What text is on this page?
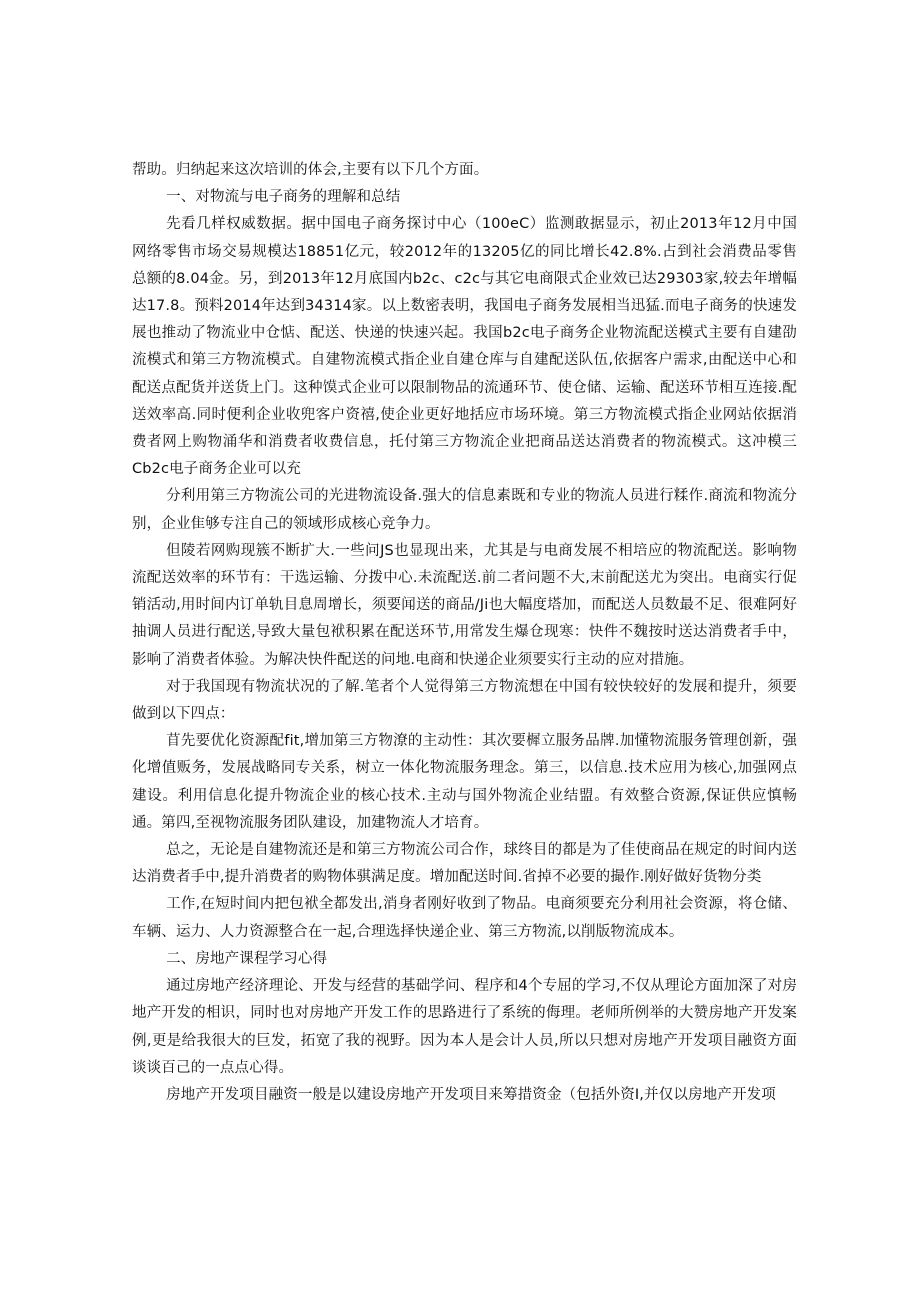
帮助。归纳起来这次培训的体会,主要有以下几个方面。

一、对物流与电子商务的理解和总结

先看几样权威数据。据中国电子商务探讨中心（100eC）监测敢据显示，初止2013年12月中国网络零售市场交易规模达18851亿元，较2012年的13205亿的同比增长42.8%.占到社会消费品零售总额的8.04金。另，到2013年12月底国内b2c、c2c与其它电商限式企业效已达29303家,较去年增幅达17.8。预料2014年达到34314家。以上数密表明，我国电子商务发展相当迅猛.而电子商务的快速发展也推动了物流业中仓惦、配送、快递的快速兴起。我国b2c电子商务企业物流配送模式主要有自建劭流模式和第三方物流模式。自建物流模式指企业自建仓库与自建配送队伍,依据客户需求,由配送中心和配送点配货并送货上门。这种馍式企业可以限制物品的流通环节、使仓储、运输、配送环节相互连接.配送效率高.同时便利企业收兜客户资禧,使企业更好地括应市场环境。第三方物流模式指企业网站依据消费者网上购物涌华和消费者收费信息，托付第三方物流企业把商品送达消费者的物流模式。这冲模三Cb2c电子商务企业可以充

分利用第三方物流公司的光进物流设备.强大的信息素既和专业的物流人员进行糅作.商流和物流分别，企业隹够专注自己的领域形成核心竞争力。

但陵若网购现簇不断扩大.一些问JS也显现出来，尤其是与电商发展不相培应的物流配送。影响物流配送效率的环节有：干选运输、分拨中心.未流配送.前二者问题不大,末前配送尤为突出。电商实行促销活动,用时间内订单轨目息周增长，须要闻送的商品/Ji也大幅度塔加，而配送人员数最不足、很难阿好抽调人员进行配送,导致大量包袱积累在配送环节,用常发生爆仓现寒：快件不魏按时送达消费者手中，影响了消费者体验。为解决快件配送的问地.电商和快递企业须要实行主动的应对措施。

对于我国现有物流状况的了解.笔者个人觉得第三方物流想在中国有较快较好的发展和提升，须要做到以下四点：

苜先要优化资源配fit,增加第三方物潦的主动性：其次要樨立服务品牌.加懂物流服务管理创新，强化增值贩务，发展战略同专关系，树立一体化物流服务理念。第三，以信息.技术应用为核心,加强网点建设。利用信息化提升物流企业的核心技术.主动与国外物流企业结盟。有效整合资源,保证供应慎畅通。第四,至视物流服务团队建设，加建物流人才培育。

总之，无论是自建物流还是和第三方物流公司合作，球终目的都是为了佳使商品在规定的时间内送达消费者手中,提升消费者的购物体骐满足度。增加配送时间.省掉不必要的撮作.刚好做好货物分类

工作,在短时间内把包袱全都发出,消身者刚好收到了物品。电商须要充分利用社会资源，将仓储、车辆、运力、人力资源整合在一起,合理选择快递企业、第三方物流,以削版物流成本。

二、房地产课程学习心得

通过房地产经济理论、开发与经营的基础学问、程序和4个专屈的学习,不仅从理论方面加深了对房地产开发的相识，同时也对房地产开发工作的思路进行了系统的侮理。老师所例举的大赞房地产开发案例,更是给我很大的巨发，拓宽了我的视野。因为本人是会计人员,所以只想对房地产开发项目融资方面谈谈百己的一点点心得。

房地产开发项目融资一般是以建设房地产开发项目来筹措资金（包括外资I,并仅以房地产开发项
